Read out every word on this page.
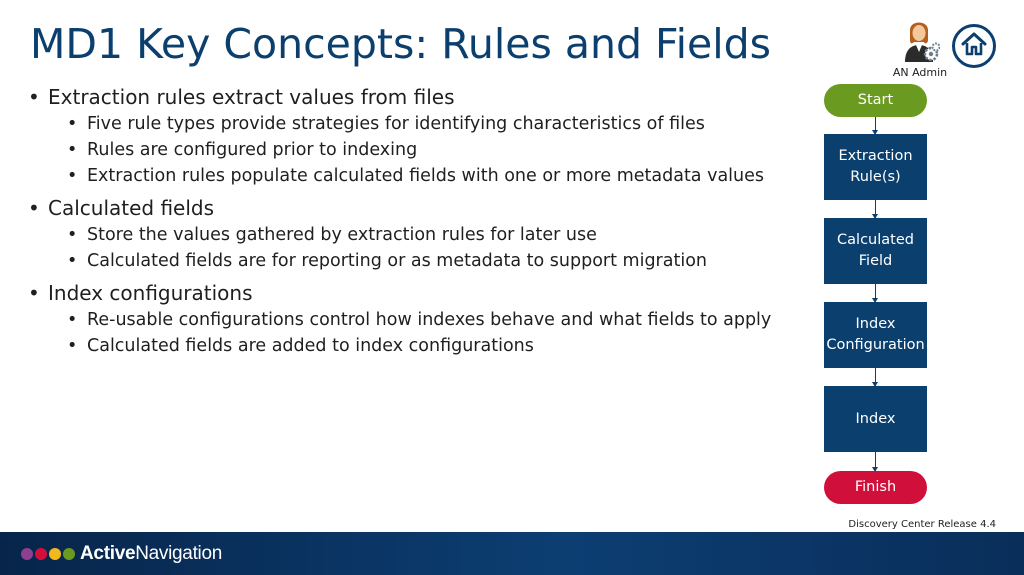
MD1 Key Concepts: Rules and Fields
AN Admin
• Extraction rules extract values from files
• Five rule types provide strategies for identifying characteristics of files
• Rules are configured prior to indexing
• Extraction rules populate calculated fields with one or more metadata values
• Calculated fields
• Store the values gathered by extraction rules for later use
• Calculated fields are for reporting or as metadata to support migration
• Index configurations
• Re-usable configurations control how indexes behave and what fields to apply
• Calculated fields are added to index configurations
Start
Extraction
Rule(s)
Calculated
Field
Index
Configuration
Index
Finish
Discovery Center Release 4.4
ActiveNavigation
